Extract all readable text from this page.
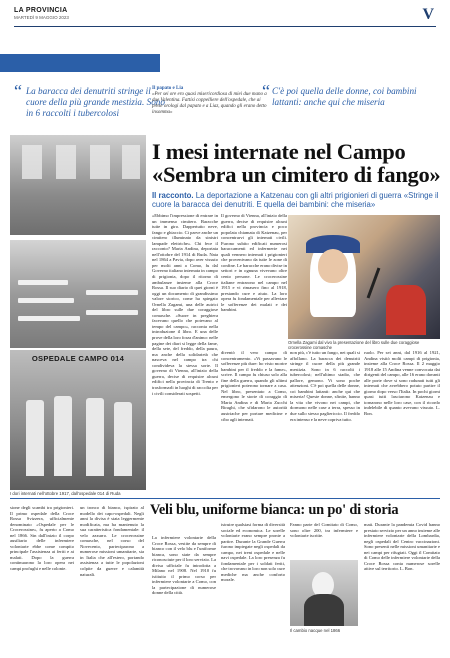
LA PROVINCIA
MARTEDÌ 9 MAGGIO 2023	V
“ La baracca dei denutriti stringe il cuore della più grande mestizia. Sono in 6 raccolti i tubercolosi
Il papato e Lia
«Per sei ore ero quasi misericordiosa di miei due mano a due Valentina. Fattisi coppelliere dell'ospedale, che ai prese orologi dal papato e a Liaz, quando gli erano detto insomma»
“ C'è poi quella delle donne, coi bambini lattanti: anche qui che miseria
OSPEDALE CAMPO 014
I dori internati nell'ottobre 1917, dall'ospedale 014 di Ruda
I mesi internate nel Campo
«Sembra un cimitero di fango»
Il racconto. La deportazione a Katzenau con gli altri prigionieri di guerra «Stringe il cuore la baracca dei denutriti. E quella dei bambini: che miseria»
Ornella Zagami dal vivo la presentazione del libro sulle due coraggiose crocerossine comasche
«Ebbimo l'impressione di entrare in un immenso cimitero. Baracche tutte in giro. Dappertutto neve, fango e ghiaccio. Ci parve anche un cimitero illuminato da sinistri lampade elettriche». Chi fece il racconto? Maria Andina, deportata nell'ottobre del 1914 di Ruda. Nata nel 1864 a Pavia, dopo aver vissuto per molti anni a Como, fu dal Governo italiano internata in campo di prigionia, dopo il ritorno di ambulanze insieme alla Croce Rossa. Il suo diario di quei giorni è oggi un documento di grandissimo valore storico, come ha spiegato Ornella Zagami, una delle autrici del libro sulle due coraggiose comasche. «Suore in preghiera facevano quello che potevano al tempo del campo», racconta nella introduzione il libro. E una delle prove della loro forza d'animo: nelle pagine dei diari si legge della fame, della sete, del freddo, della paura, ma anche della solidarietà che nasceva nel campo tra chi condivideva la stessa sorte. Il governo di Vienna, all'inizio della guerra, decise di requisire alcuni edifici nella provincia di Trento e trasformarli in luoghi di raccolta per i civili considerati sospetti.
Il governo di Vienna, all'inizio della guerra, decise di requisire alcuni edifici nella provincia e poco popolata chiamata di Katzenau, per concentrarvi gli internati civili. Furono subito edificati numerosi baraccamenti ed infermerie nei quali vennero internati i prigionieri che provenivano da tutte le zone di confine. Le baracche erano divise in settori e in ognuna vivevano oltre cento persone. Le crocerossine italiane entrarono nel campo nel 1915 e vi rimasero fino al 1918, prestando cure e aiuto. La loro opera fu fondamentale per alleviare le sofferenze dei malati e dei bambini.
diventò il vero campo di concentramento. «Vi passavano le sofferenze più dure: ho visto morire bambini per il freddo e la fame», scrive. Il campo fu chiuso solo alla fine della guerra, quando gli ultimi prigionieri poterono tornare a casa. Nel libro, presentato a Como, emergono le storie di coraggio di Maria Andina e di Maria Zucchi Biraghi, che sfidarono le autorità austriache per portare medicine e cibo agli internati.
non più, c'è tutto un fango, nei quali si affollano. La baracca dei denutriti stringe il cuore della più grande mestizia. Sono in 6 raccolti i tubercolosi; nell'ultimo stadio, che pallore, gemono. Vi sono poche attenzioni. C'è poi quella delle donne, coi bambini lattanti: anche qui che miseria! Queste donne, sfinite, hanno la vita che vivono nei campi, che dormono nelle case a terra, spesso in due sullo stesso pagliericcio. Il freddo era intenso e la neve copriva tutto.
ruolo. Per sei anni, dal 1916 al 1921, Andina visitò molti campi di prigionia, insieme alla Croce Rossa. Il 2 maggio 1918 alle 15 Andina venne convocata dai dirigenti del campo, alle 16 erano davanti alle porte dove si sono radunati tutti gli internati che avrebbero potuto partire il giorno dopo verso l'Italia. In pochi giorni quasi tutti lasciarono Katzenau e tornarono nelle loro case, con il ricordo indelebile di quanto avevano vissuto. L. Bon.
Veli blu, uniforme bianca: un po' di storia
sione degli scambi tra prigionieri. Il primo ospedale della Croce Rossa Svizzera, ufficialmente denominato «Ospedale per le Crocerossine», fu aperto a Como nel 1866. Sin dall'inizio il corpo ausiliario delle infermiere volontarie ebbe come compito principale l'assistenza ai feriti e ai malati. Dopo la guerra continuarono la loro opera nei campi profughi e nelle colonie.
un tronco di bianco, ispirato al modello dei capo-ospedali. Negli anni la divisa è stata leggermente modificata, ma ha mantenuto la sua caratteristica fondamentale: il velo azzurro. Le crocerossine comasche, nel corso del Novecento, parteciparono a numerose missioni umanitarie, sia in Italia che all'estero, portando assistenza a tutte le popolazioni colpite da guerre e calamità naturali.
La infermiere volontarie della Croce Rossa, vestite da sempre di bianco con il velo blu e l'uniforme bianca, sono state da sempre riconosciute per il loro servizio. La divisa ufficiale fu introdotta a Milano nel 1908. Nel 1910 fu istituito il primo corso per infermiere volontarie a Como, con la partecipazione di numerose donne della città.
istruire qualsiasi forma di diversità sociale ed economica. Le sorelle volontarie erano sempre pronte a partire. Durante la Grande Guerra furono impiegate negli ospedali da campo, nei treni ospedale e nelle navi ospedale. La loro presenza fu fondamentale per i soldati feriti, che trovavano in loro non solo cure mediche ma anche conforto morale.
Fanno parte del Comitato di Como, sono oltre 200, tra infermiere e volontarie iscritte.
Il cambio nacque nel 1866
mati. Durante la pandemia Covid hanno prestato servizio per un anno insieme alle infermiere volontarie della Lombardia, negli ospedali del Centro vaccinazioni. Sono presenti nelle missioni umanitarie e nei campi per rifugiati. Oggi il Comitato di Como delle infermiere volontarie della Croce Rossa conta numerose sorelle attive sul territorio. L. Bon.
